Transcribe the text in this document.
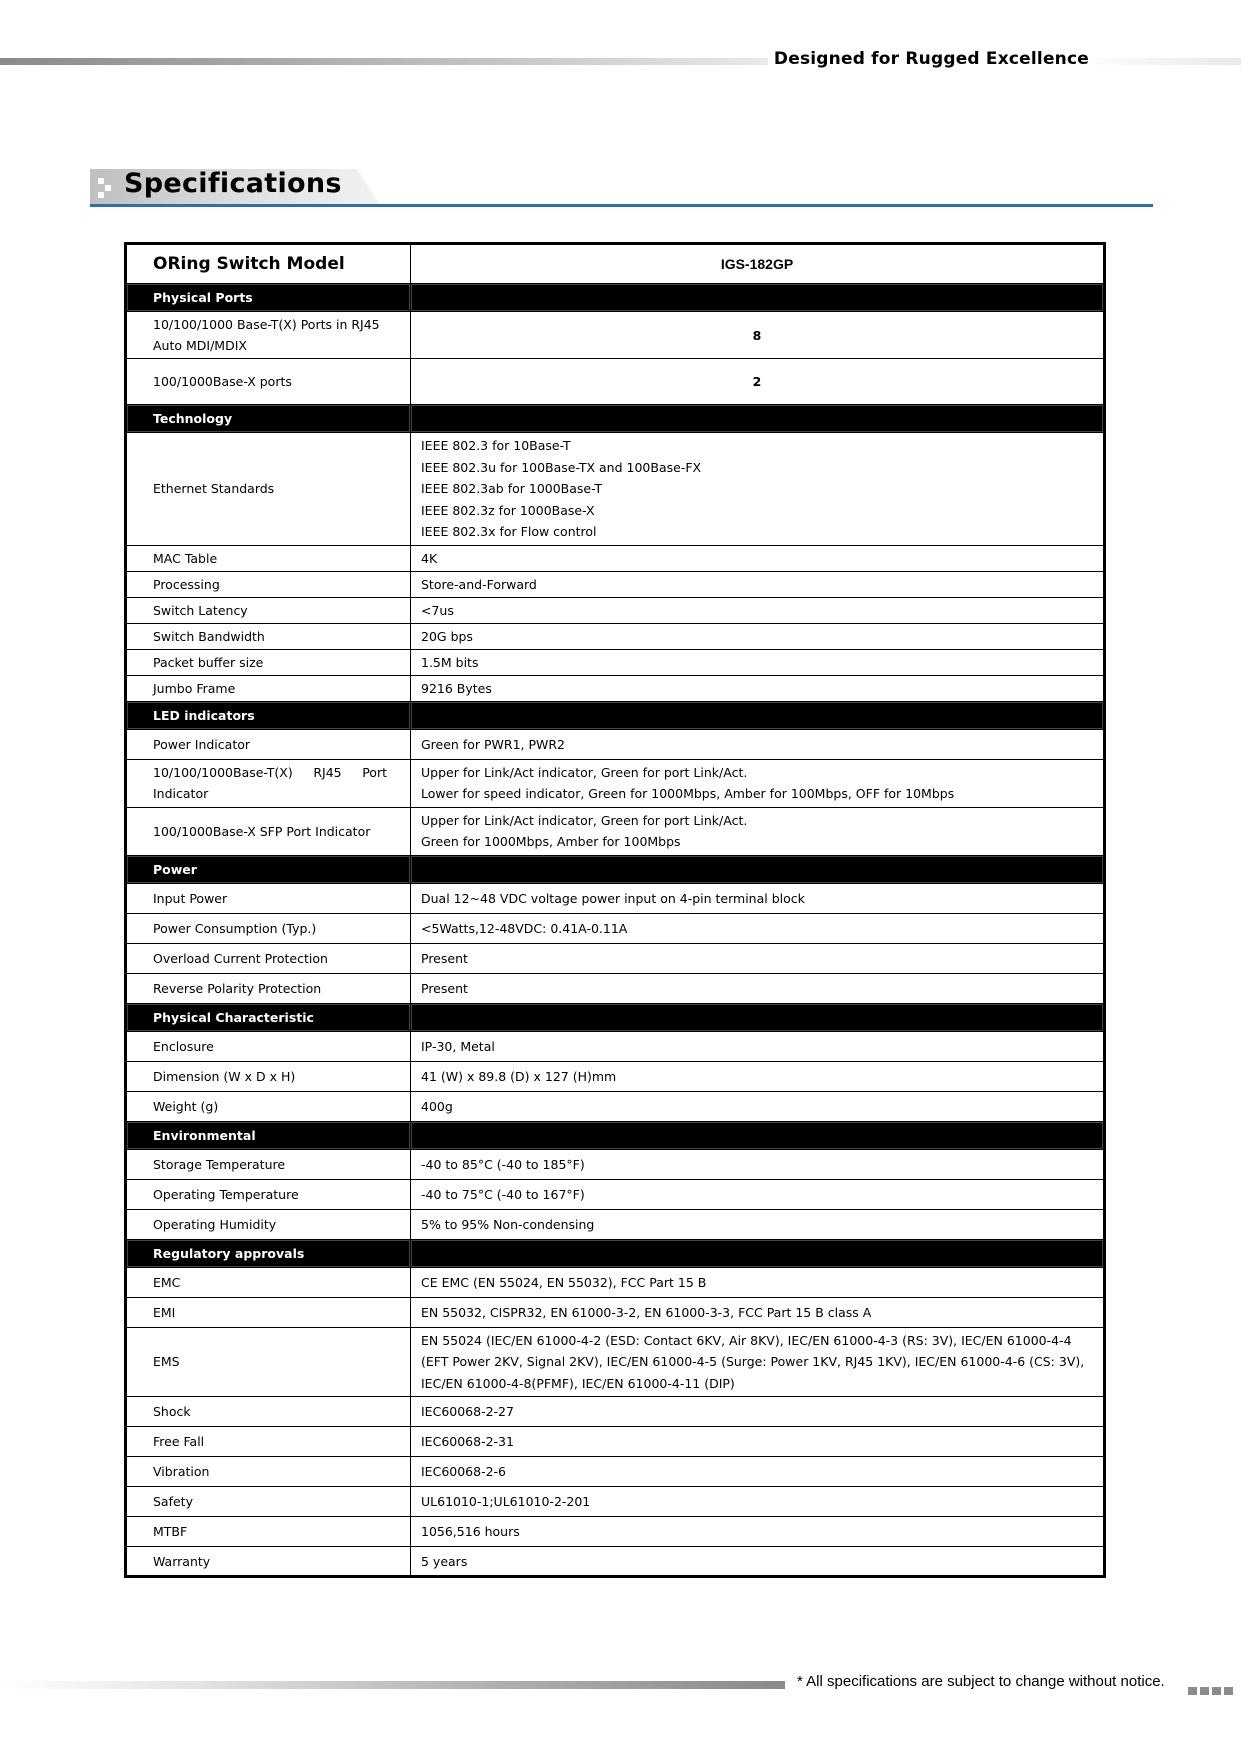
Designed for Rugged Excellence
Specifications
ORing Switch Model	IGS-182GP
Physical Ports	
10/100/1000 Base-T(X) Ports in RJ45 Auto MDI/MDIX	8
100/1000Base-X ports	2
Technology	
Ethernet Standards	IEEE 802.3 for 10Base-T
IEEE 802.3u for 100Base-TX and 100Base-FX
IEEE 802.3ab for 1000Base-T
IEEE 802.3z for 1000Base-X
IEEE 802.3x for Flow control

MAC Table	4K
Processing	Store-and-Forward
Switch Latency	<7us
Switch Bandwidth	20G bps
Packet buffer size	1.5M bits
Jumbo Frame	9216 Bytes
LED indicators	
Power Indicator	Green for PWR1, PWR2

10/100/1000Base-T(X) RJ45 Port Indicator	Upper for Link/Act indicator, Green for port Link/Act.
Lower for speed indicator, Green for 1000Mbps, Amber for 100Mbps, OFF for 10Mbps

100/1000Base-X SFP Port Indicator	Upper for Link/Act indicator, Green for port Link/Act.
Green for 1000Mbps, Amber for 100Mbps

Power	
Input Power	Dual 12~48 VDC voltage power input on 4-pin terminal block
Power Consumption (Typ.)	<5Watts,12-48VDC: 0.41A-0.11A
Overload Current Protection	Present
Reverse Polarity Protection	Present
Physical Characteristic	
Enclosure	IP-30, Metal
Dimension (W x D x H)	41 (W) x 89.8 (D) x 127 (H)mm
Weight (g)	400g
Environmental	
Storage Temperature	-40 to 85°C (-40 to 185°F)
Operating Temperature	-40 to 75°C (-40 to 167°F)
Operating Humidity	5% to 95% Non-condensing
Regulatory approvals	
EMC	CE EMC (EN 55024, EN 55032), FCC Part 15 B
EMI	EN 55032, CISPR32, EN 61000-3-2, EN 61000-3-3, FCC Part 15 B class A
EMS	EN 55024 (IEC/EN 61000-4-2 (ESD: Contact 6KV, Air 8KV), IEC/EN 61000-4-3 (RS: 3V), IEC/EN 61000-4-4 (EFT Power 2KV, Signal 2KV), IEC/EN 61000-4-5 (Surge: Power 1KV, RJ45 1KV), IEC/EN 61000-4-6 (CS: 3V), IEC/EN 61000-4-8(PFMF), IEC/EN 61000-4-11 (DIP)
Shock	IEC60068-2-27
Free Fall	IEC60068-2-31
Vibration	IEC60068-2-6
Safety	UL61010-1;UL61010-2-201
MTBF	1056,516 hours
Warranty	5 years
* All specifications are subject to change without notice.
